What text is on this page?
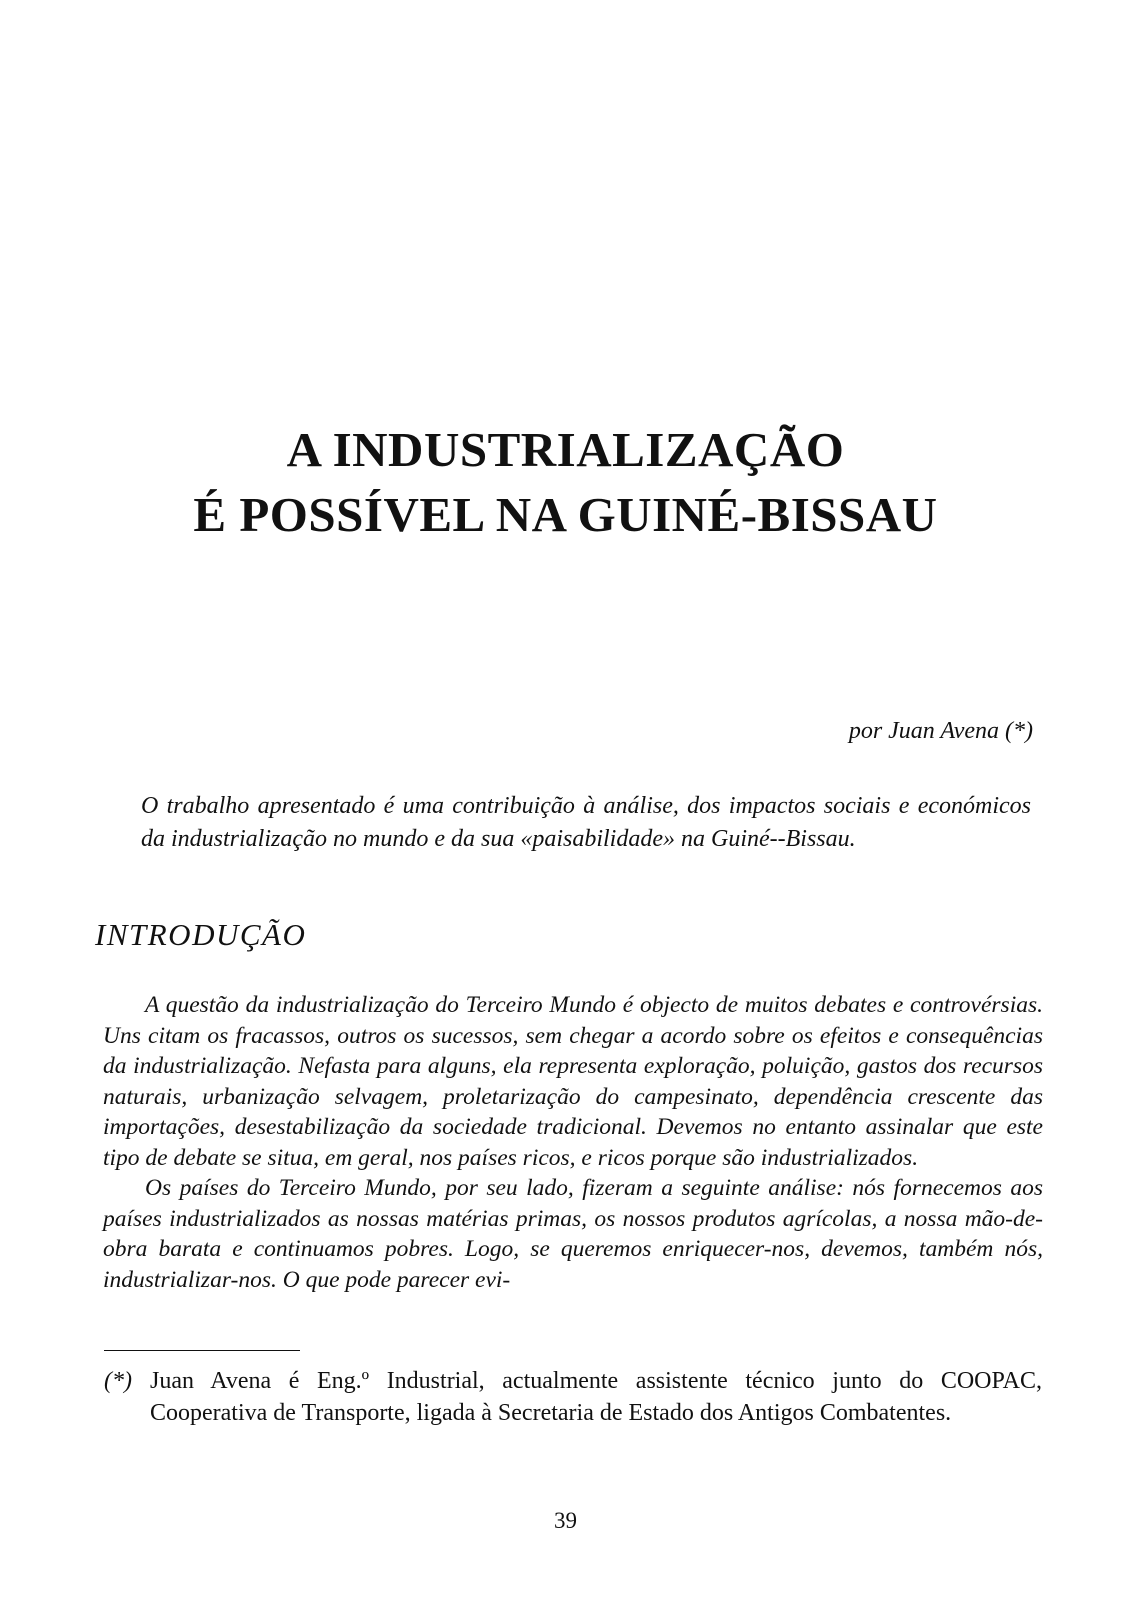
A INDUSTRIALIZAÇÃO
É POSSÍVEL NA GUINÉ-BISSAU

por Juan Avena (*)

O trabalho apresentado é uma contribuição à análise, dos impactos sociais e económicos da industrialização no mundo e da sua «paisabilidade» na Guiné--Bissau.

INTRODUÇÃO

A questão da industrialização do Terceiro Mundo é objecto de muitos debates e controvérsias. Uns citam os fracassos, outros os sucessos, sem chegar a acordo sobre os efeitos e consequências da industrialização. Nefasta para alguns, ela representa exploração, poluição, gastos dos recursos naturais, urbanização selvagem, proletarização do campesinato, dependência crescente das importações, desestabilização da sociedade tradicional. Devemos no entanto assinalar que este tipo de debate se situa, em geral, nos países ricos, e ricos porque são industrializados.

Os países do Terceiro Mundo, por seu lado, fizeram a seguinte análise: nós fornecemos aos países industrializados as nossas matérias primas, os nossos produtos agrícolas, a nossa mão-de-obra barata e continuamos pobres. Logo, se queremos enriquecer-nos, devemos, também nós, industrializar-nos. O que pode parecer evi-

(*) Juan Avena é Eng.º Industrial, actualmente assistente técnico junto do COOPAC, Cooperativa de Transporte, ligada à Secretaria de Estado dos Antigos Combatentes.

39
